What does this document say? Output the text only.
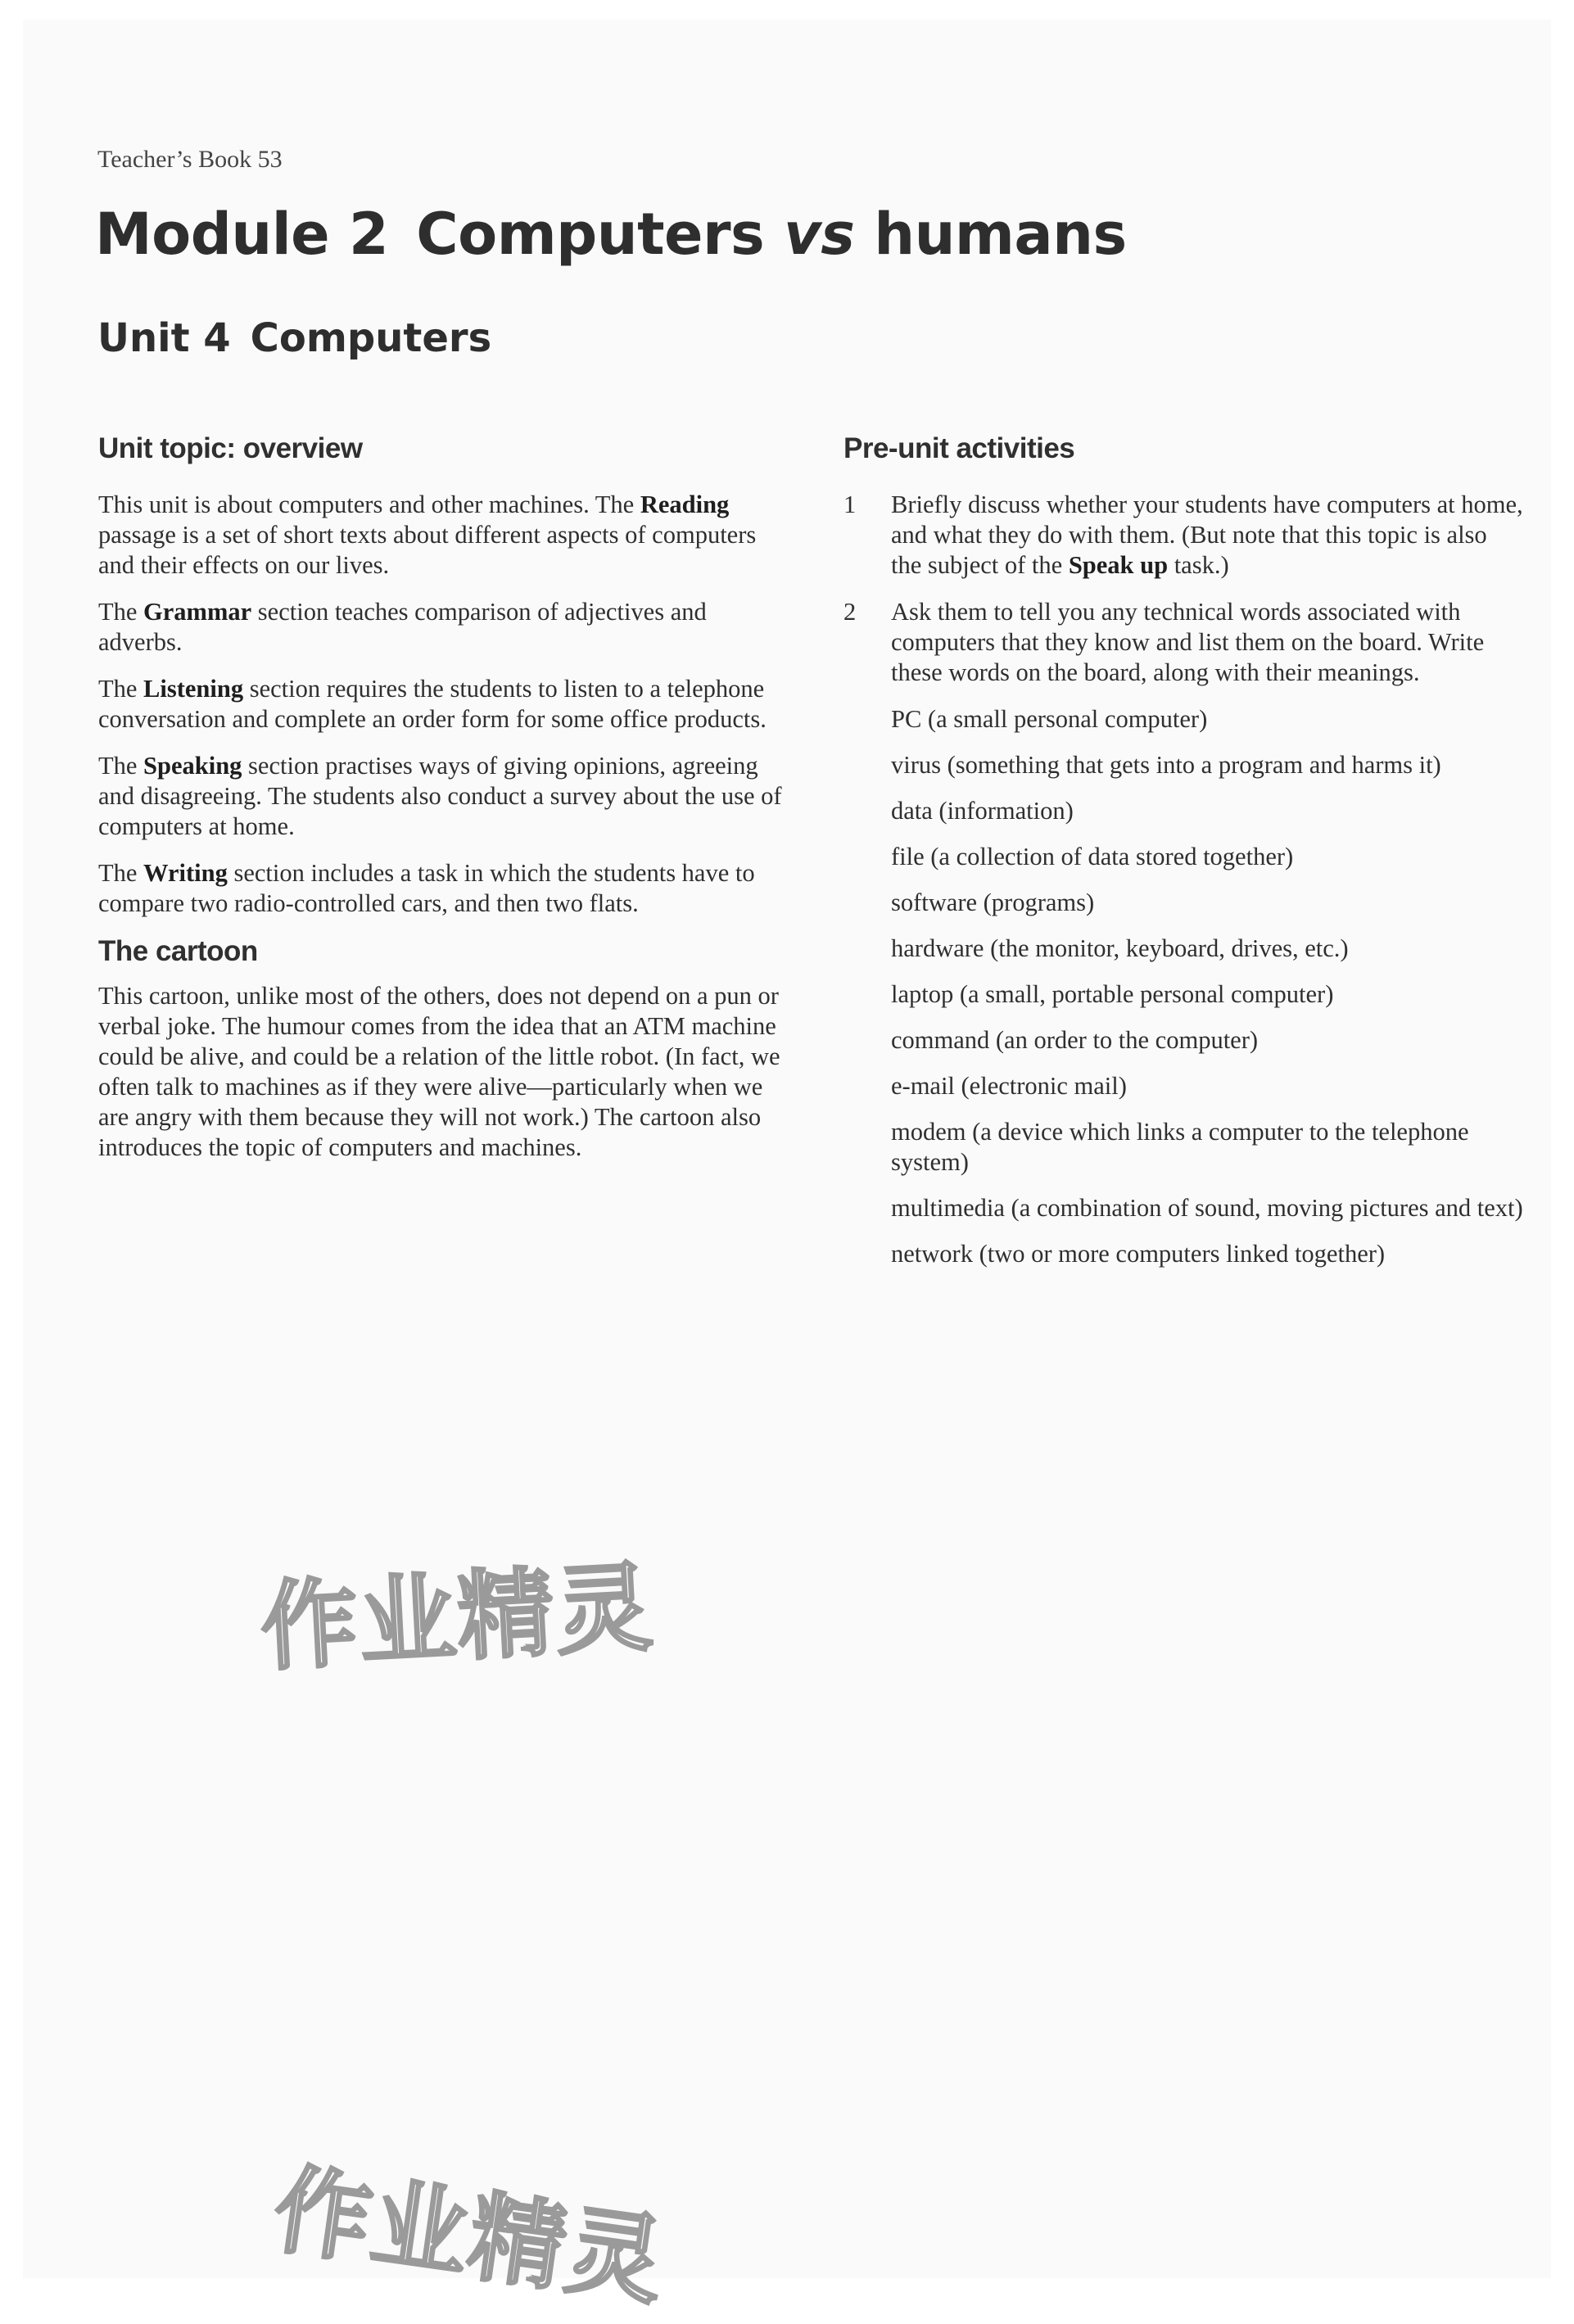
Teacher’s Book 53
Module 2 Computers vs humans
Unit 4 Computers
Unit topic: overview

This unit is about computers and other machines. The Reading passage is a set of short texts about different aspects of computers and their effects on our lives.

The Grammar section teaches comparison of adjectives and adverbs.

The Listening section requires the students to listen to a telephone conversation and complete an order form for some office products.

The Speaking section practises ways of giving opinions, agreeing and disagreeing. The students also conduct a survey about the use of computers at home.

The Writing section includes a task in which the students have to compare two radio-controlled cars, and then two flats.

The cartoon

This cartoon, unlike most of the others, does not depend on a pun or verbal joke. The humour comes from the idea that an ATM machine could be alive, and could be a relation of the little robot. (In fact, we often talk to machines as if they were alive—particularly when we are angry with them because they will not work.) The cartoon also introduces the topic of computers and machines.

Pre-unit activities
1	Briefly discuss whether your students have computers at home, and what they do with them. (But note that this topic is also the subject of the Speak up task.)

2	Ask them to tell you any technical words associated with computers that they know and list them on the board. Write these words on the board, along with their meanings.

PC (a small personal computer)

virus (something that gets into a program and harms it)

data (information)

file (a collection of data stored together)

software (programs)

hardware (the monitor, keyboard, drives, etc.)

laptop (a small, portable personal computer)

command (an order to the computer)

e-mail (electronic mail)

modem (a device which links a computer to the telephone system)

multimedia (a combination of sound, moving pictures and text)

network (two or more computers linked together)

作业精灵
作业精灵
